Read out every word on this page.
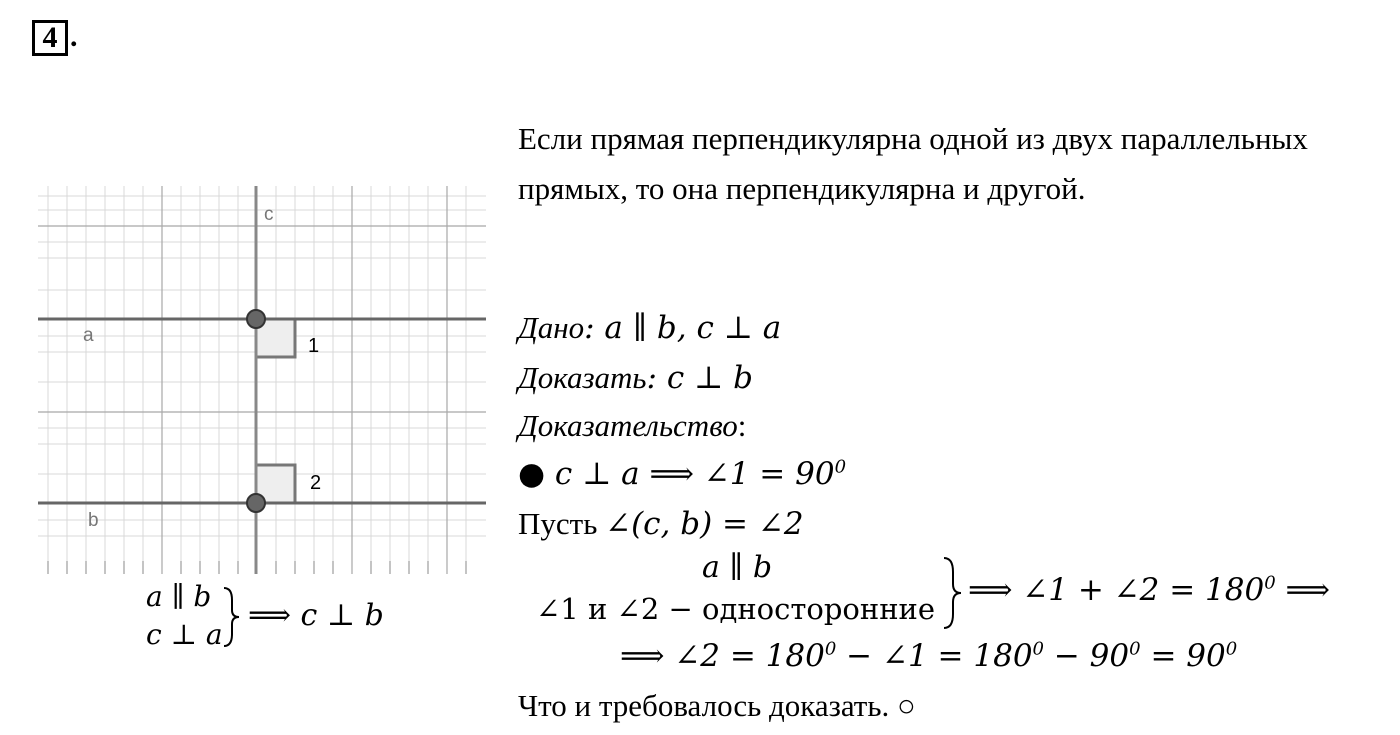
4 .
Если прямая перпендикулярна одной из двух параллельных прямых, то она перпендикулярна и другой.
c
a
b
1
2
a ∥ b
c ⊥ a
⟹ c ⊥ b
Дано: a ∥ b, c ⊥ a
Доказать: c ⊥ b
Доказательство:
● c ⊥ a ⟹ ∠1 = $90^0$
Пусть ∠(c, b) = ∠2
a ∥ b
∠1 и ∠2 − односторонние
⟹ ∠1 + ∠2 = $180^0$ ⟹
⟹ ∠2 = $180^0$ − ∠1 = $180^0 - 90^0 = 90^0$
Что и требовалось доказать. ○
